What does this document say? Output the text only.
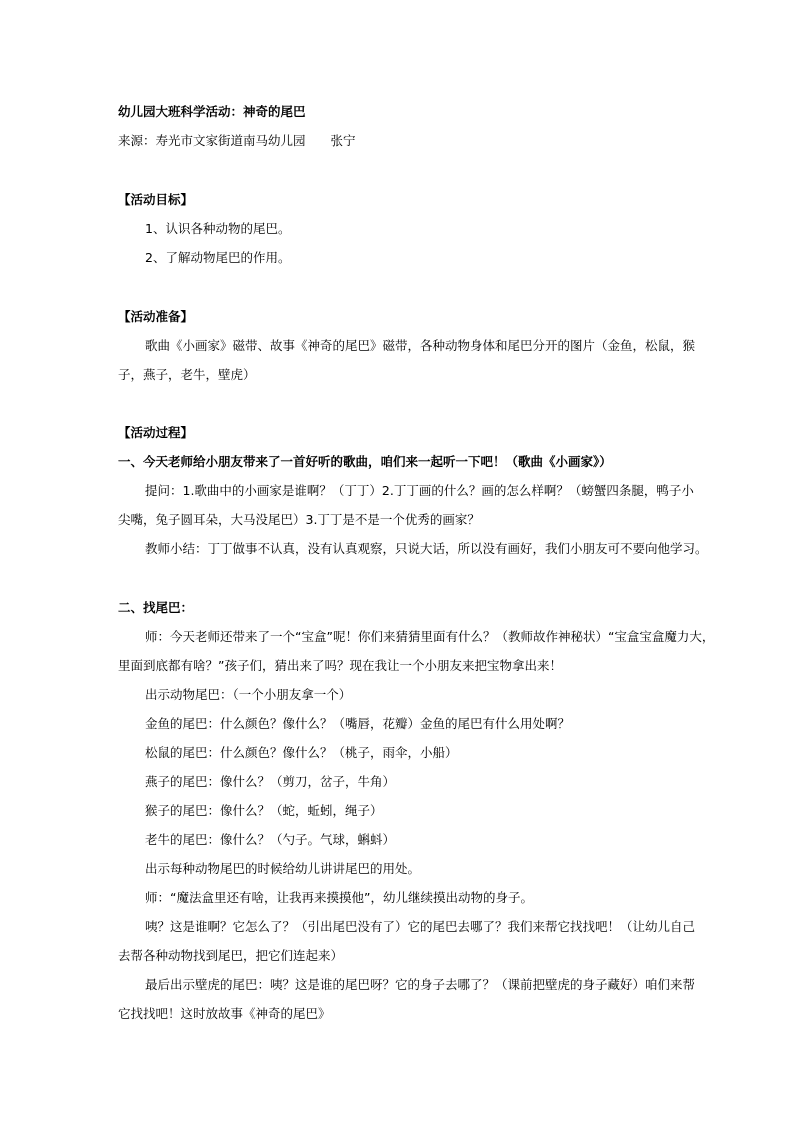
幼儿园大班科学活动：神奇的尾巴
来源：寿光市文家街道南马幼儿园　　张宁
【活动目标】
1、认识各种动物的尾巴。
2、了解动物尾巴的作用。
【活动准备】
歌曲《小画家》磁带、故事《神奇的尾巴》磁带，各种动物身体和尾巴分开的图片（金鱼，松鼠，猴
子，燕子，老牛，壁虎）
【活动过程】
一、今天老师给小朋友带来了一首好听的歌曲，咱们来一起听一下吧！（歌曲《小画家》）
提问：1.歌曲中的小画家是谁啊？（丁丁）2.丁丁画的什么？画的怎么样啊？（螃蟹四条腿，鸭子小
尖嘴，兔子圆耳朵，大马没尾巴）3.丁丁是不是一个优秀的画家？
教师小结：丁丁做事不认真，没有认真观察，只说大话，所以没有画好，我们小朋友可不要向他学习。
二、找尾巴：
师：今天老师还带来了一个“宝盒”呢！你们来猜猜里面有什么？（教师故作神秘状）“宝盒宝盒魔力大，
里面到底都有啥？”孩子们，猜出来了吗？现在我让一个小朋友来把宝物拿出来！
出示动物尾巴：（一个小朋友拿一个）
金鱼的尾巴：什么颜色？像什么？（嘴唇，花瓣）金鱼的尾巴有什么用处啊？
松鼠的尾巴：什么颜色？像什么？（桃子，雨伞，小船）
燕子的尾巴：像什么？（剪刀，岔子，牛角）
猴子的尾巴：像什么？（蛇，蚯蚓，绳子）
老牛的尾巴：像什么？（勺子。气球，蝌蚪）
出示每种动物尾巴的时候给幼儿讲讲尾巴的用处。
师：“魔法盒里还有啥，让我再来摸摸他”，幼儿继续摸出动物的身子。
咦？这是谁啊？它怎么了？（引出尾巴没有了）它的尾巴去哪了？我们来帮它找找吧！（让幼儿自己
去帮各种动物找到尾巴，把它们连起来）
最后出示壁虎的尾巴：咦？这是谁的尾巴呀？它的身子去哪了？（课前把壁虎的身子藏好）咱们来帮
它找找吧！这时放故事《神奇的尾巴》
